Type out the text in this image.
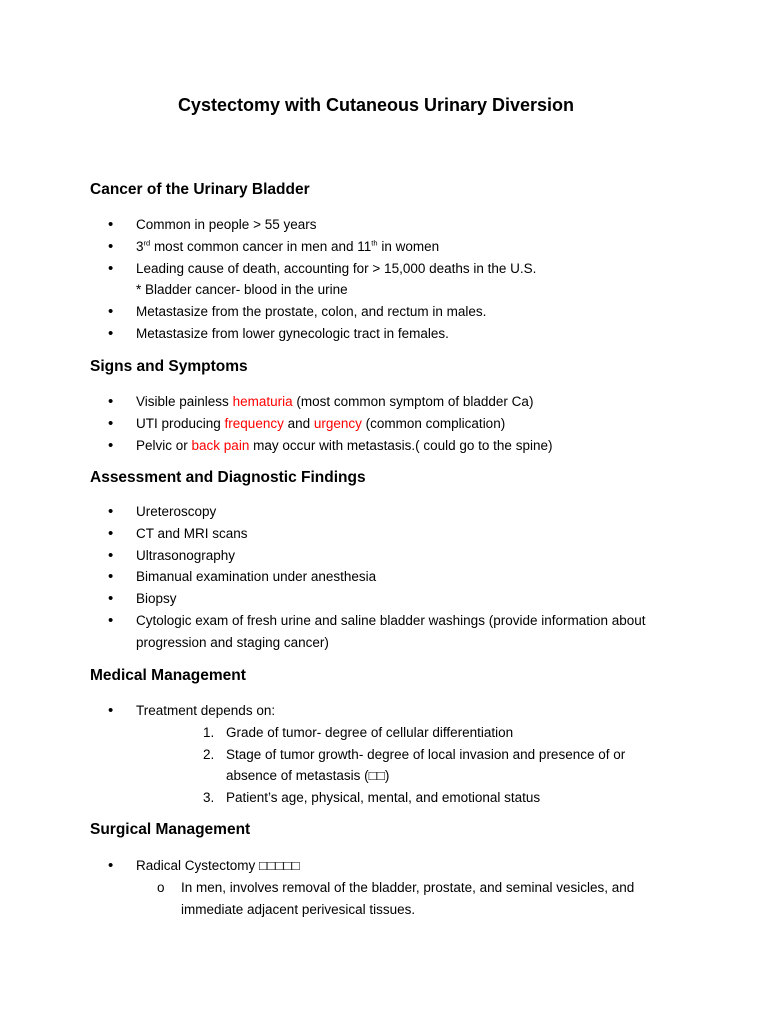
Cystectomy with Cutaneous Urinary Diversion
Cancer of the Urinary Bladder
• Common in people > 55 years
• 3rd most common cancer in men and 11th in women
• Leading cause of death, accounting for > 15,000 deaths in the U.S.
* Bladder cancer- blood in the urine
• Metastasize from the prostate, colon, and rectum in males.
• Metastasize from lower gynecologic tract in females.
Signs and Symptoms
• Visible painless hematuria (most common symptom of bladder Ca)
• UTI producing frequency and urgency (common complication)
• Pelvic or back pain may occur with metastasis.( could go to the spine)
Assessment and Diagnostic Findings
• Ureteroscopy
• CT and MRI scans
• Ultrasonography
• Bimanual examination under anesthesia
• Biopsy
• Cytologic exam of fresh urine and saline bladder washings (provide information about progression and staging cancer)
Medical Management
• Treatment depends on:
1. Grade of tumor- degree of cellular differentiation
2. Stage of tumor growth- degree of local invasion and presence of or absence of metastasis (□□)
3. Patient’s age, physical, mental, and emotional status
Surgical Management
• Radical Cystectomy □□□□□
o In men, involves removal of the bladder, prostate, and seminal vesicles, and immediate adjacent perivesical tissues.
